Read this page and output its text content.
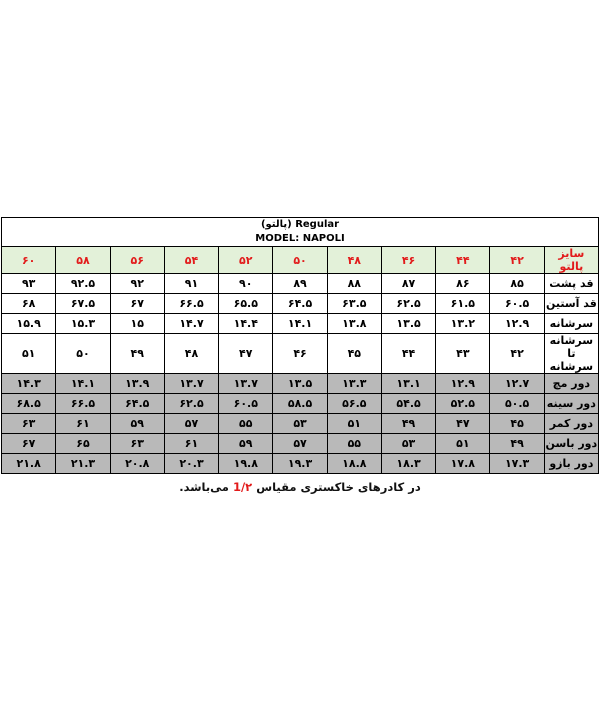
Regular (پالتو)
MODEL: NAPOLI										

سایز پالتو	۴۲	۴۴	۴۶	۴۸	۵۰	۵۲	۵۴	۵۶	۵۸	۶۰
قد پشت	۸۵	۸۶	۸۷	۸۸	۸۹	۹۰	۹۱	۹۲	۹۲.۵	۹۳
قد آستین	۶۰.۵	۶۱.۵	۶۲.۵	۶۳.۵	۶۴.۵	۶۵.۵	۶۶.۵	۶۷	۶۷.۵	۶۸
سرشانه	۱۲.۹	۱۳.۲	۱۳.۵	۱۳.۸	۱۴.۱	۱۴.۴	۱۴.۷	۱۵	۱۵.۳	۱۵.۹
سرشانه تا سرشانه	۴۲	۴۳	۴۴	۴۵	۴۶	۴۷	۴۸	۴۹	۵۰	۵۱
دور مچ	۱۲.۷	۱۲.۹	۱۳.۱	۱۳.۳	۱۳.۵	۱۳.۷	۱۳.۷	۱۳.۹	۱۴.۱	۱۴.۳
دور سینه	۵۰.۵	۵۲.۵	۵۴.۵	۵۶.۵	۵۸.۵	۶۰.۵	۶۲.۵	۶۴.۵	۶۶.۵	۶۸.۵
دور کمر	۴۵	۴۷	۴۹	۵۱	۵۳	۵۵	۵۷	۵۹	۶۱	۶۳
دور باسن	۴۹	۵۱	۵۳	۵۵	۵۷	۵۹	۶۱	۶۳	۶۵	۶۷
دور بازو	۱۷.۳	۱۷.۸	۱۸.۳	۱۸.۸	۱۹.۳	۱۹.۸	۲۰.۳	۲۰.۸	۲۱.۳	۲۱.۸
در کادرهای خاکستری مقیاس 1/۲ می‌باشد.
